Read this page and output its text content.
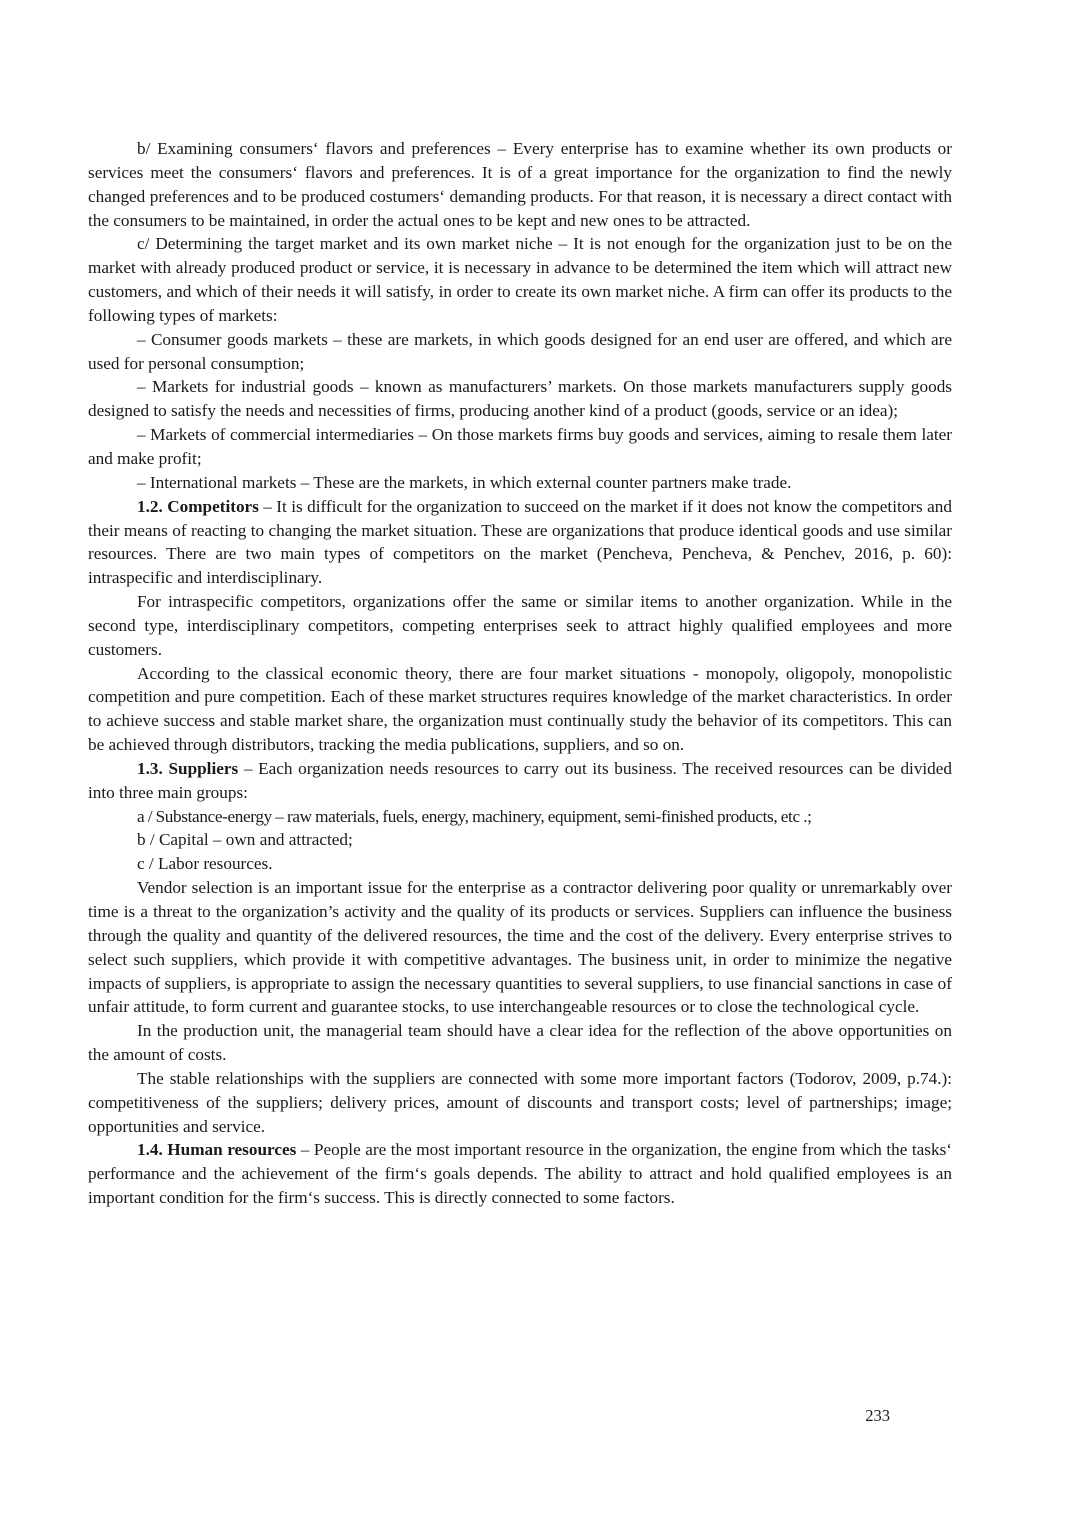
b/ Examining consumers‘ flavors and preferences – Every enterprise has to examine whether its own products or services meet the consumers‘ flavors and preferences. It is of a great importance for the organization to find the newly changed preferences and to be produced costumers‘ demanding products. For that reason, it is necessary a direct contact with the consumers to be maintained, in order the actual ones to be kept and new ones to be attracted.

c/ Determining the target market and its own market niche – It is not enough for the organization just to be on the market with already produced product or service, it is necessary in advance to be determined the item which will attract new customers, and which of their needs it will satisfy, in order to create its own market niche. A firm can offer its products to the following types of markets:

– Consumer goods markets – these are markets, in which goods designed for an end user are offered, and which are used for personal consumption;

– Markets for industrial goods – known as manufacturers’ markets. On those markets manufacturers supply goods designed to satisfy the needs and necessities of firms, producing another kind of a product (goods, service or an idea);

– Markets of commercial intermediaries – On those markets firms buy goods and services, aiming to resale them later and make profit;

– International markets – These are the markets, in which external counter partners make trade.

1.2. Competitors – It is difficult for the organization to succeed on the market if it does not know the competitors and their means of reacting to changing the market situation. These are organizations that produce identical goods and use similar resources. There are two main types of competitors on the market (Pencheva, Pencheva, & Penchev, 2016, p. 60): intraspecific and interdisciplinary.

For intraspecific competitors, organizations offer the same or similar items to another organization. While in the second type, interdisciplinary competitors, competing enterprises seek to attract highly qualified employees and more customers.

According to the classical economic theory, there are four market situations - monopoly, oligopoly, monopolistic competition and pure competition. Each of these market structures requires knowledge of the market characteristics. In order to achieve success and stable market share, the organization must continually study the behavior of its competitors. This can be achieved through distributors, tracking the media publications, suppliers, and so on.

1.3. Suppliers – Each organization needs resources to carry out its business. The received resources can be divided into three main groups:

a / Substance-energy – raw materials, fuels, energy, machinery, equipment, semi-finished products, etc .;

b / Capital – own and attracted;

c / Labor resources.

Vendor selection is an important issue for the enterprise as a contractor delivering poor quality or unremarkably over time is a threat to the organization’s activity and the quality of its products or services. Suppliers can influence the business through the quality and quantity of the delivered resources, the time and the cost of the delivery. Every enterprise strives to select such suppliers, which provide it with competitive advantages. The business unit, in order to minimize the negative impacts of suppliers, is appropriate to assign the necessary quantities to several suppliers, to use financial sanctions in case of unfair attitude, to form current and guarantee stocks, to use interchangeable resources or to close the technological cycle.

In the production unit, the managerial team should have a clear idea for the reflection of the above opportunities on the amount of costs.

The stable relationships with the suppliers are connected with some more important factors (Todorov, 2009, p.74.): competitiveness of the suppliers; delivery prices, amount of discounts and transport costs; level of partnerships; image; opportunities and service.

1.4. Human resources – People are the most important resource in the organization, the engine from which the tasks‘ performance and the achievement of the firm‘s goals depends. The ability to attract and hold qualified employees is an important condition for the firm‘s success. This is directly connected to some factors.

233
